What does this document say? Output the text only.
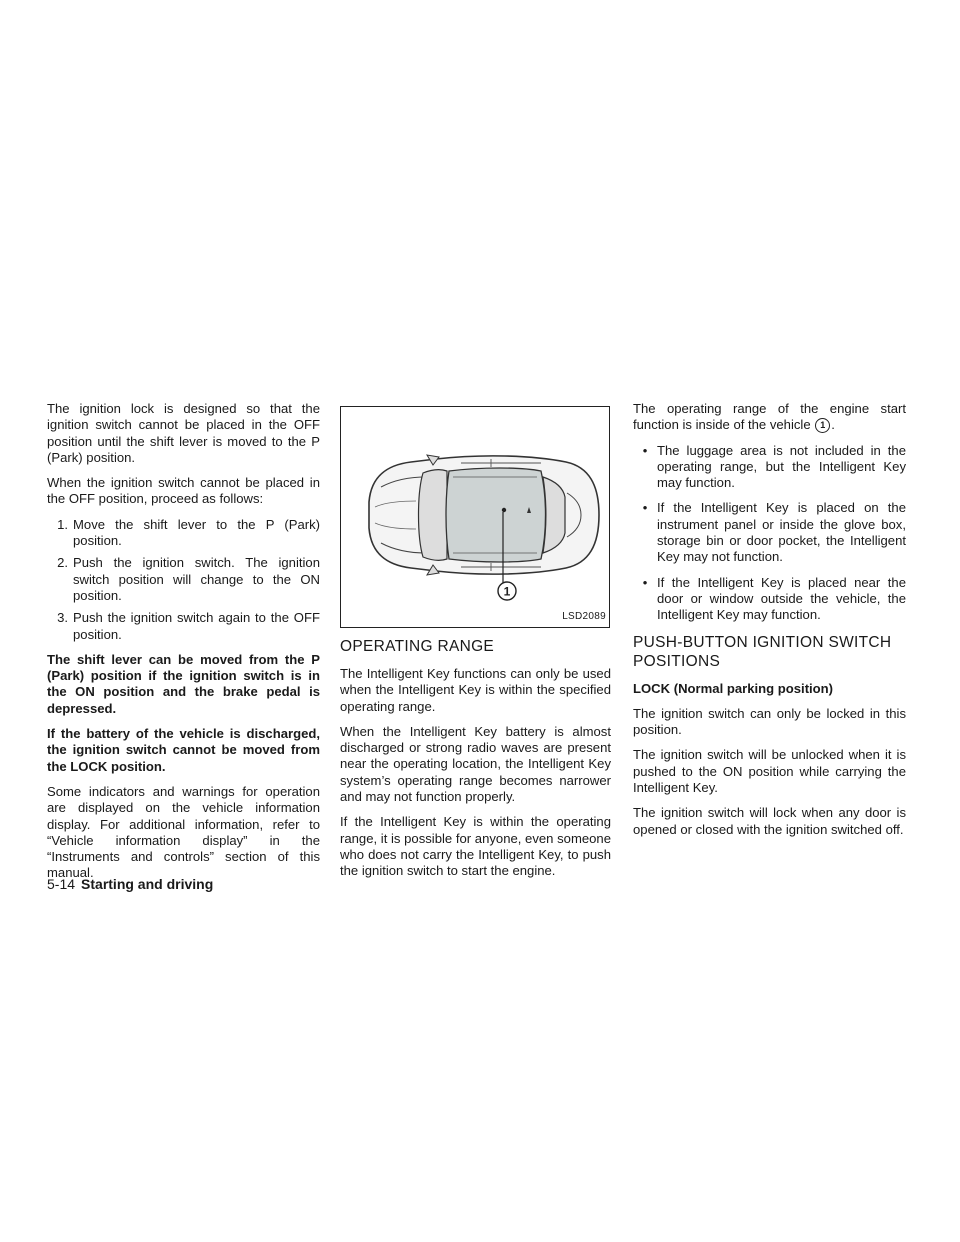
The ignition lock is designed so that the ignition switch cannot be placed in the OFF position until the shift lever is moved to the P (Park) position.

When the ignition switch cannot be placed in the OFF position, proceed as follows:

1. Move the shift lever to the P (Park) position.
2. Push the ignition switch. The ignition switch position will change to the ON position.
3. Push the ignition switch again to the OFF position.

The shift lever can be moved from the P (Park) position if the ignition switch is in the ON position and the brake pedal is depressed.

If the battery of the vehicle is discharged, the ignition switch cannot be moved from the LOCK position.

Some indicators and warnings for operation are displayed on the vehicle information display. For additional information, refer to “Vehicle information display” in the “Instruments and controls” section of this manual.

1
LSD2089
OPERATING RANGE

The Intelligent Key functions can only be used when the Intelligent Key is within the specified operating range.

When the Intelligent Key battery is almost discharged or strong radio waves are present near the operating location, the Intelligent Key system’s operating range becomes narrower and may not function properly.

If the Intelligent Key is within the operating range, it is possible for anyone, even someone who does not carry the Intelligent Key, to push the ignition switch to start the engine.

The operating range of the engine start function is inside of the vehicle 1 .

• The luggage area is not included in the operating range, but the Intelligent Key may function.
• If the Intelligent Key is placed on the instrument panel or inside the glove box, storage bin or door pocket, the Intelligent Key may not function.
• If the Intelligent Key is placed near the door or window outside the vehicle, the Intelligent Key may function.
PUSH-BUTTON IGNITION SWITCH POSITIONS
LOCK (Normal parking position)

The ignition switch can only be locked in this position.

The ignition switch will be unlocked when it is pushed to the ON position while carrying the Intelligent Key.

The ignition switch will lock when any door is opened or closed with the ignition switched off.

5-14 Starting and driving
